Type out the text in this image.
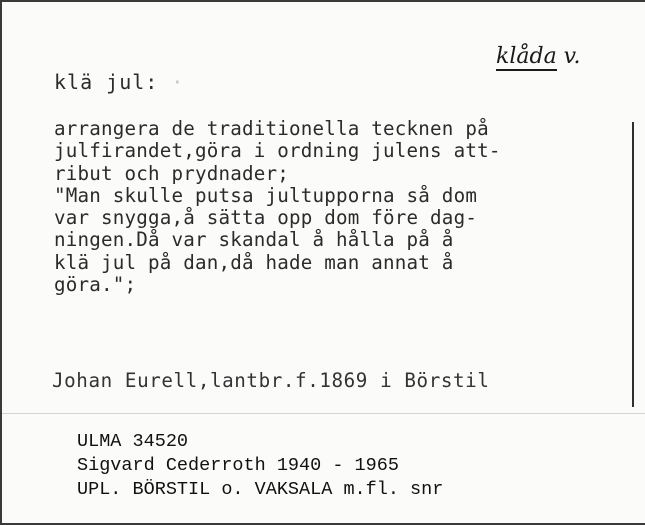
klä jul: ·
klåda v.
arrangera de traditionella tecknen på
julfirandet,göra i ordning julens att-
ribut och prydnader;
"Man skulle putsa jultupporna så dom
var snygga,å sätta opp dom före dag-
ningen.Då var skandal å hålla på å
klä jul på dan,då hade man annat å
göra.";
Johan Eurell,lantbr.f.1869 i Börstil
ULMA 34520
Sigvard Cederroth 1940 - 1965
UPL. BÖRSTIL o. VAKSALA m.fl. snr
